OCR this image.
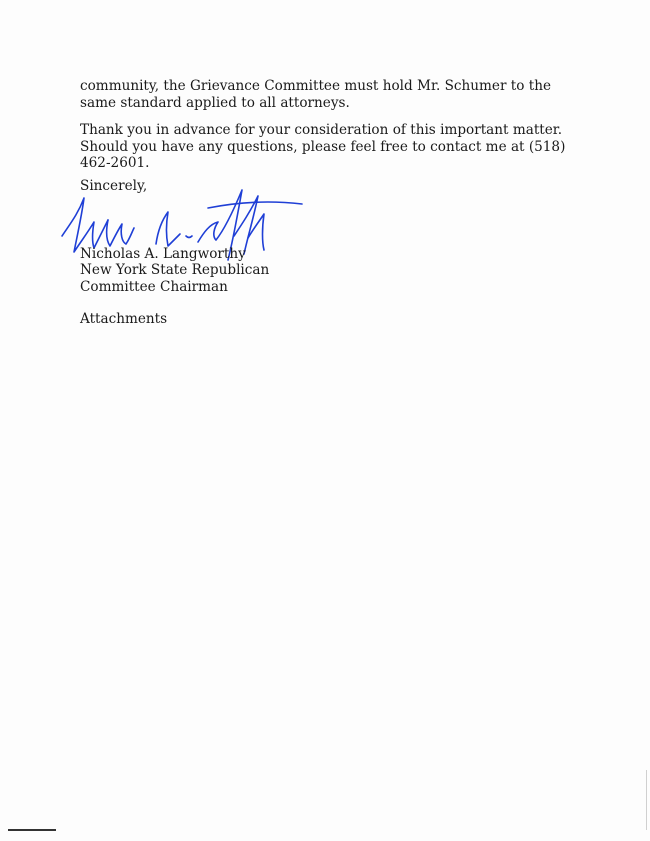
community, the Grievance Committee must hold Mr. Schumer to the same standard applied to all attorneys.

Thank you in advance for your consideration of this important matter. Should you have any questions, please feel free to contact me at (518) 462-2601.

Sincerely,

Nicholas A. Langworthy
New York State Republican
Committee Chairman

Attachments
